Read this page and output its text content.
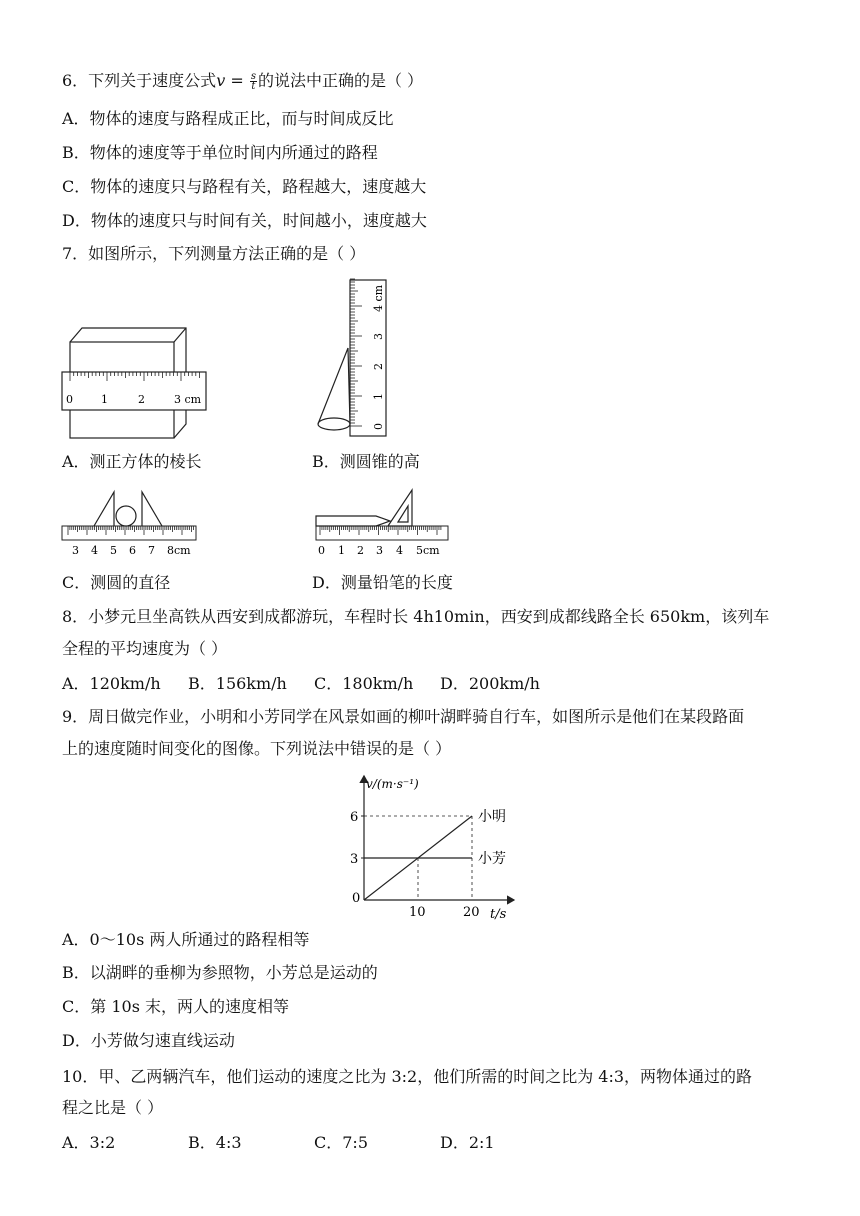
6．下列关于速度公式$v = \frac{s}{t}$ 的说法中正确的是（ ）
A．物体的速度与路程成正比，而与时间成反比
B．物体的速度等于单位时间内所通过的路程
C．物体的速度只与路程有关，路程越大，速度越大
D．物体的速度只与时间有关，时间越小，速度越大
7．如图所示，下列测量方法正确的是（ ）
0	1	2	3 cm
A．测正方体的棱长
0
1
2
3
4 cm
B．测圆锥的高
3 4 5 6 7 8cm
C．测圆的直径
0 1 2 3 4 5cm
D．测量铅笔的长度
8．小梦元旦坐高铁从西安到成都游玩，车程时长 4h10min，西安到成都线路全长 650km，该列车
全程的平均速度为（ ）
A．120km/h B．156km/h C．180km/h D．200km/h
9．周日做完作业，小明和小芳同学在风景如画的柳叶湖畔骑自行车，如图所示是他们在某段路面
上的速度随时间变化的图像。下列说法中错误的是（ ）
小明
小芳
0
10	20
3
6
v/(m·s⁻¹)
t/s
A．0～10s 两人所通过的路程相等
B．以湖畔的垂柳为参照物，小芳总是运动的
C．第 10s 末，两人的速度相等
D．小芳做匀速直线运动
10．甲、乙两辆汽车，他们运动的速度之比为 3:2，他们所需的时间之比为 4:3，两物体通过的路
程之比是（ ）
A．3:2	B．4:3	C．7:5	D．2:1
